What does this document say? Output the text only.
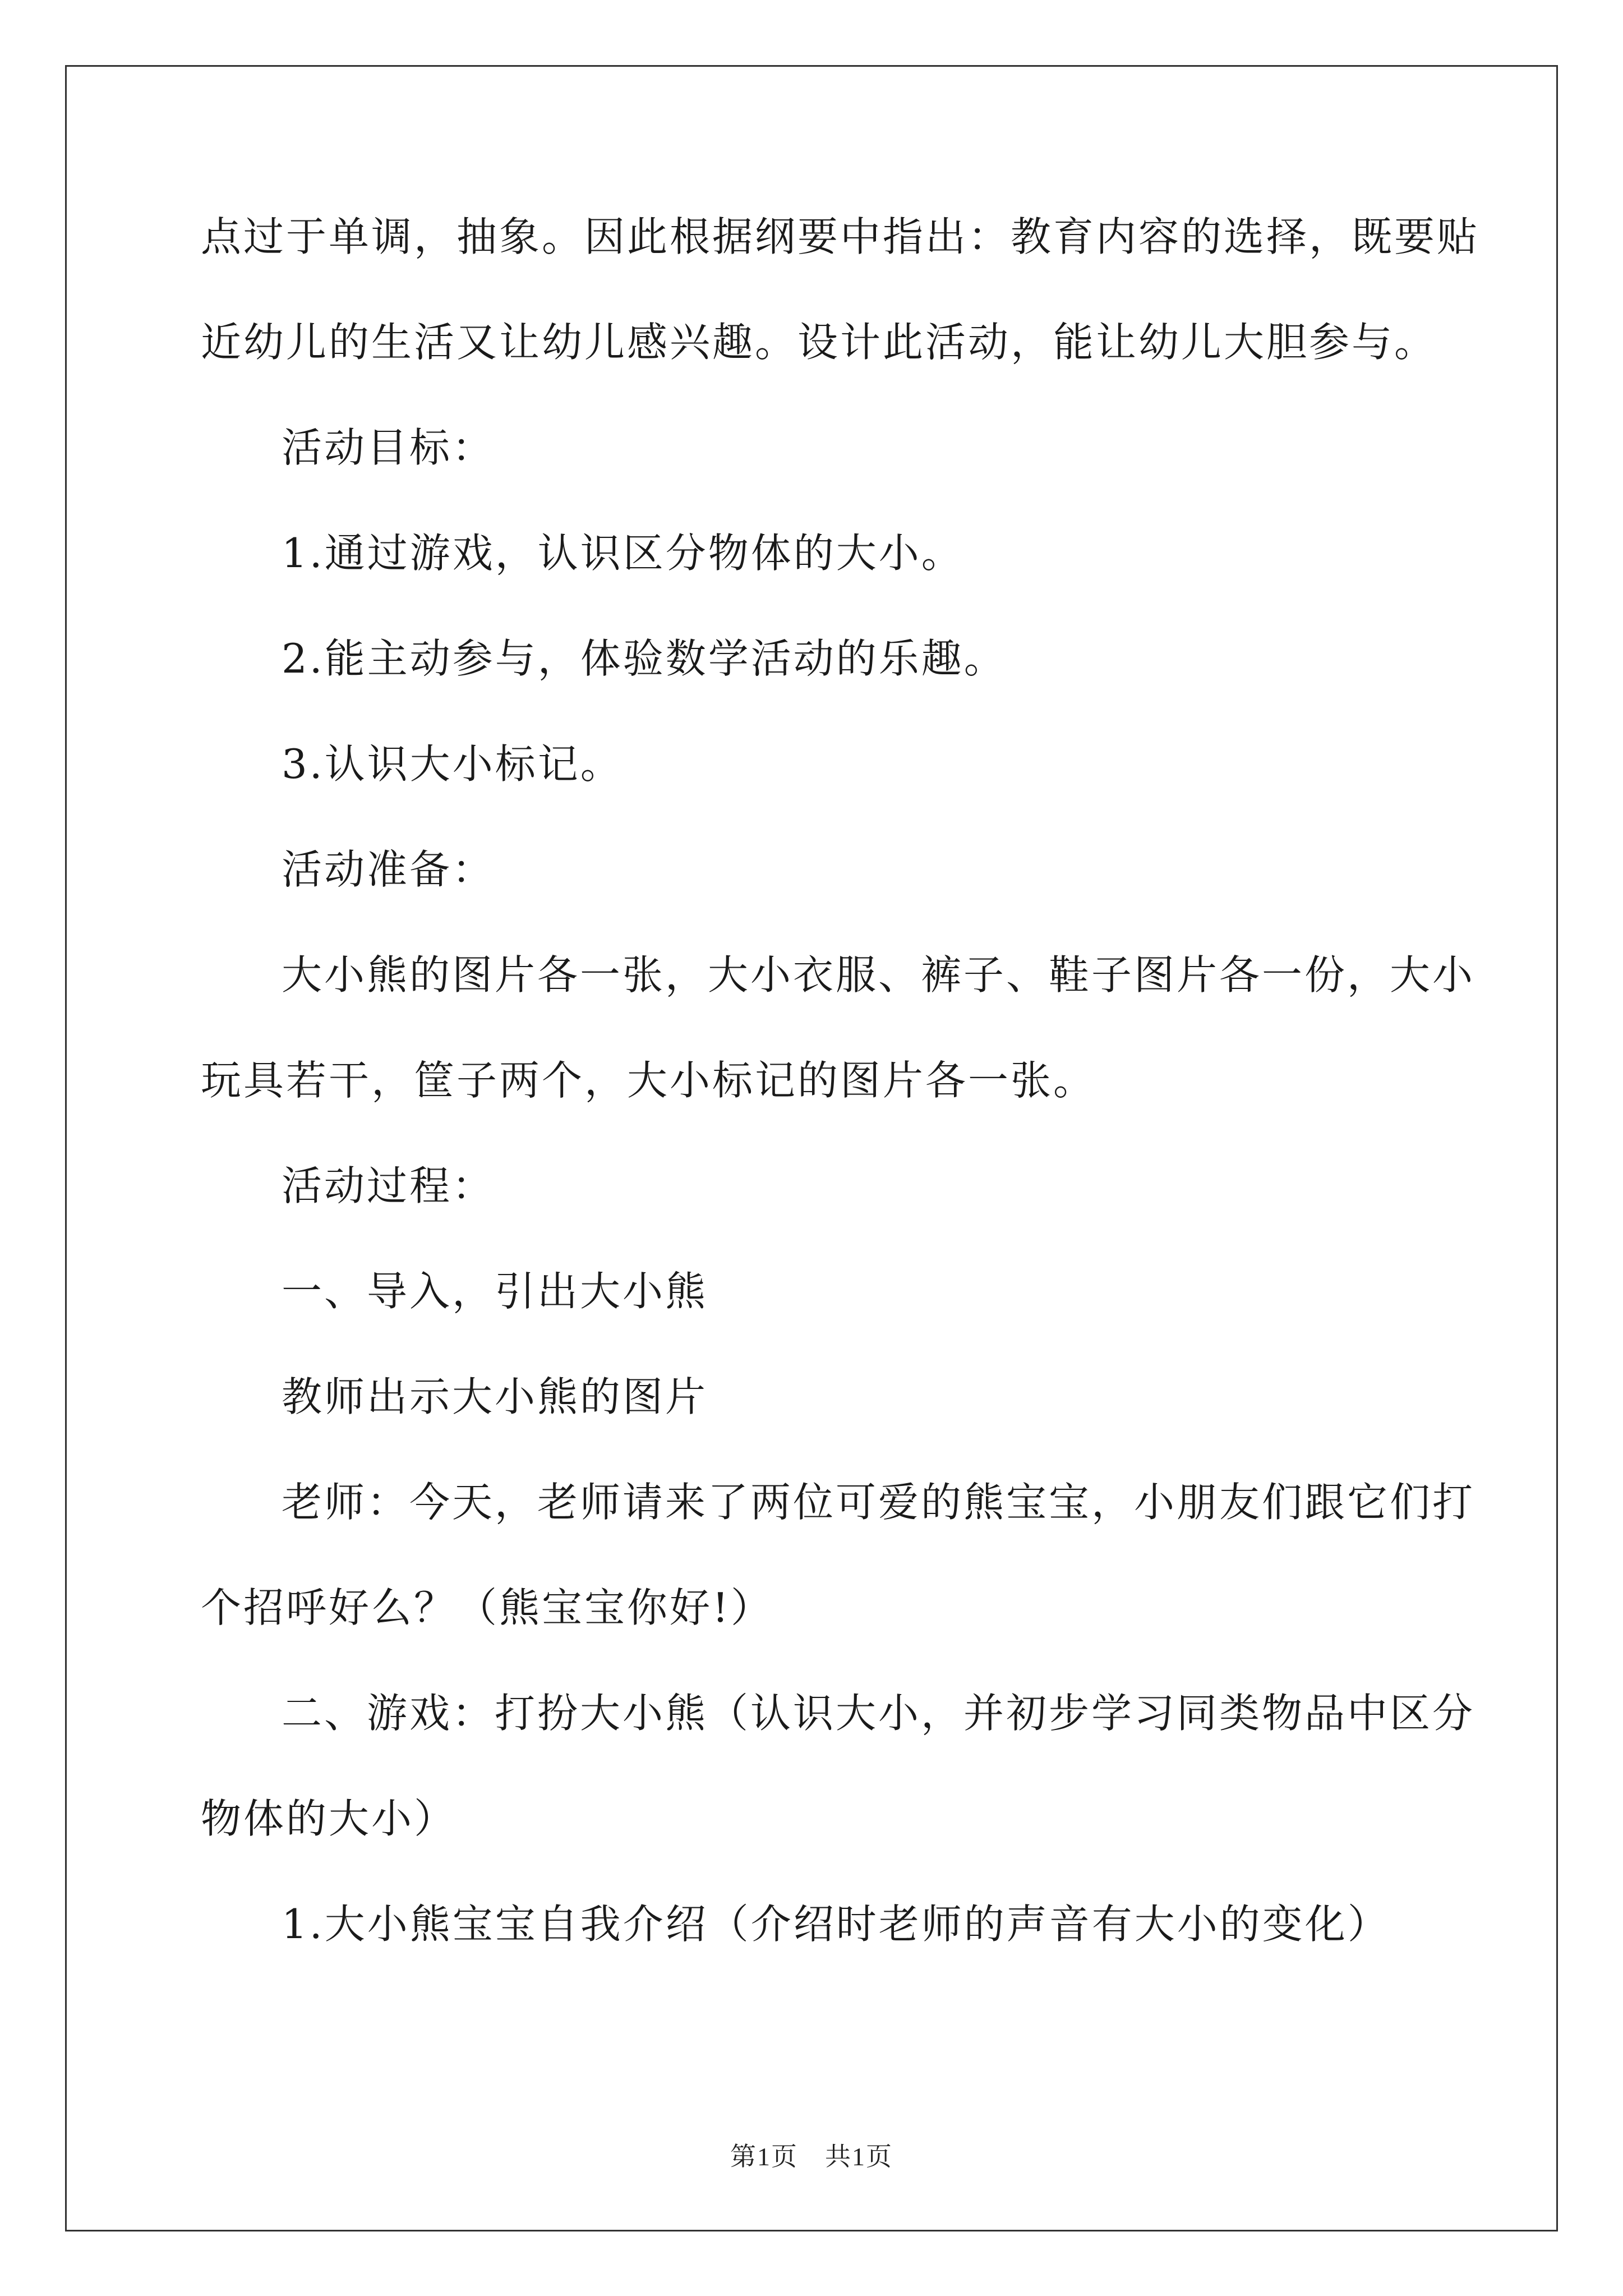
点过于单调，抽象。因此根据纲要中指出：教育内容的选择，既要贴
近幼儿的生活又让幼儿感兴趣。设计此活动，能让幼儿大胆参与。
活动目标：
1.通过游戏，认识区分物体的大小。
2.能主动参与，体验数学活动的乐趣。
3.认识大小标记。
活动准备：
大小熊的图片各一张，大小衣服、裤子、鞋子图片各一份，大小
玩具若干，筐子两个，大小标记的图片各一张。
活动过程：
一、导入，引出大小熊
教师出示大小熊的图片
老师：今天，老师请来了两位可爱的熊宝宝，小朋友们跟它们打
个招呼好么？（熊宝宝你好!）
二、游戏：打扮大小熊（认识大小，并初步学习同类物品中区分
物体的大小）
1.大小熊宝宝自我介绍（介绍时老师的声音有大小的变化）
第1页　共1页
